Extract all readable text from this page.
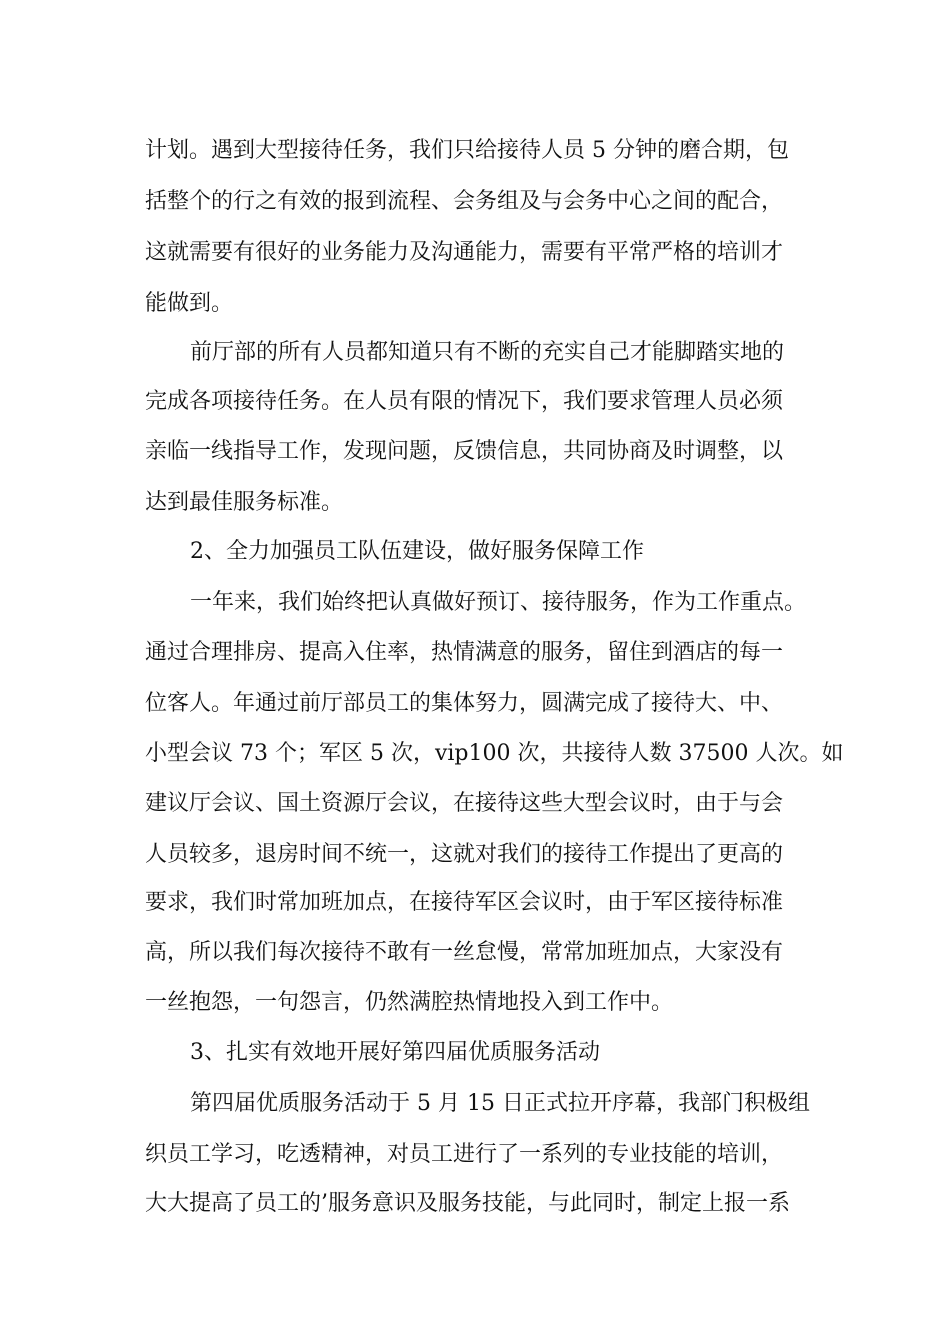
计划。遇到大型接待任务，我们只给接待人员 5 分钟的磨合期，包
括整个的行之有效的报到流程、会务组及与会务中心之间的配合，
这就需要有很好的业务能力及沟通能力，需要有平常严格的培训才
能做到。
前厅部的所有人员都知道只有不断的充实自己才能脚踏实地的
完成各项接待任务。在人员有限的情况下，我们要求管理人员必须
亲临一线指导工作，发现问题，反馈信息，共同协商及时调整，以
达到最佳服务标准。
2、全力加强员工队伍建设，做好服务保障工作
一年来，我们始终把认真做好预订、接待服务，作为工作重点。
通过合理排房、提高入住率，热情满意的服务，留住到酒店的每一
位客人。年通过前厅部员工的集体努力，圆满完成了接待大、中、
小型会议 73 个；军区 5 次，vip100 次，共接待人数 37500 人次。如
建议厅会议、国土资源厅会议，在接待这些大型会议时，由于与会
人员较多，退房时间不统一，这就对我们的接待工作提出了更高的
要求，我们时常加班加点，在接待军区会议时，由于军区接待标准
高，所以我们每次接待不敢有一丝怠慢，常常加班加点，大家没有
一丝抱怨，一句怨言，仍然满腔热情地投入到工作中。
3、扎实有效地开展好第四届优质服务活动
第四届优质服务活动于 5 月 15 日正式拉开序幕，我部门积极组
织员工学习，吃透精神，对员工进行了一系列的专业技能的培训，
大大提高了员工的’服务意识及服务技能，与此同时，制定上报一系
